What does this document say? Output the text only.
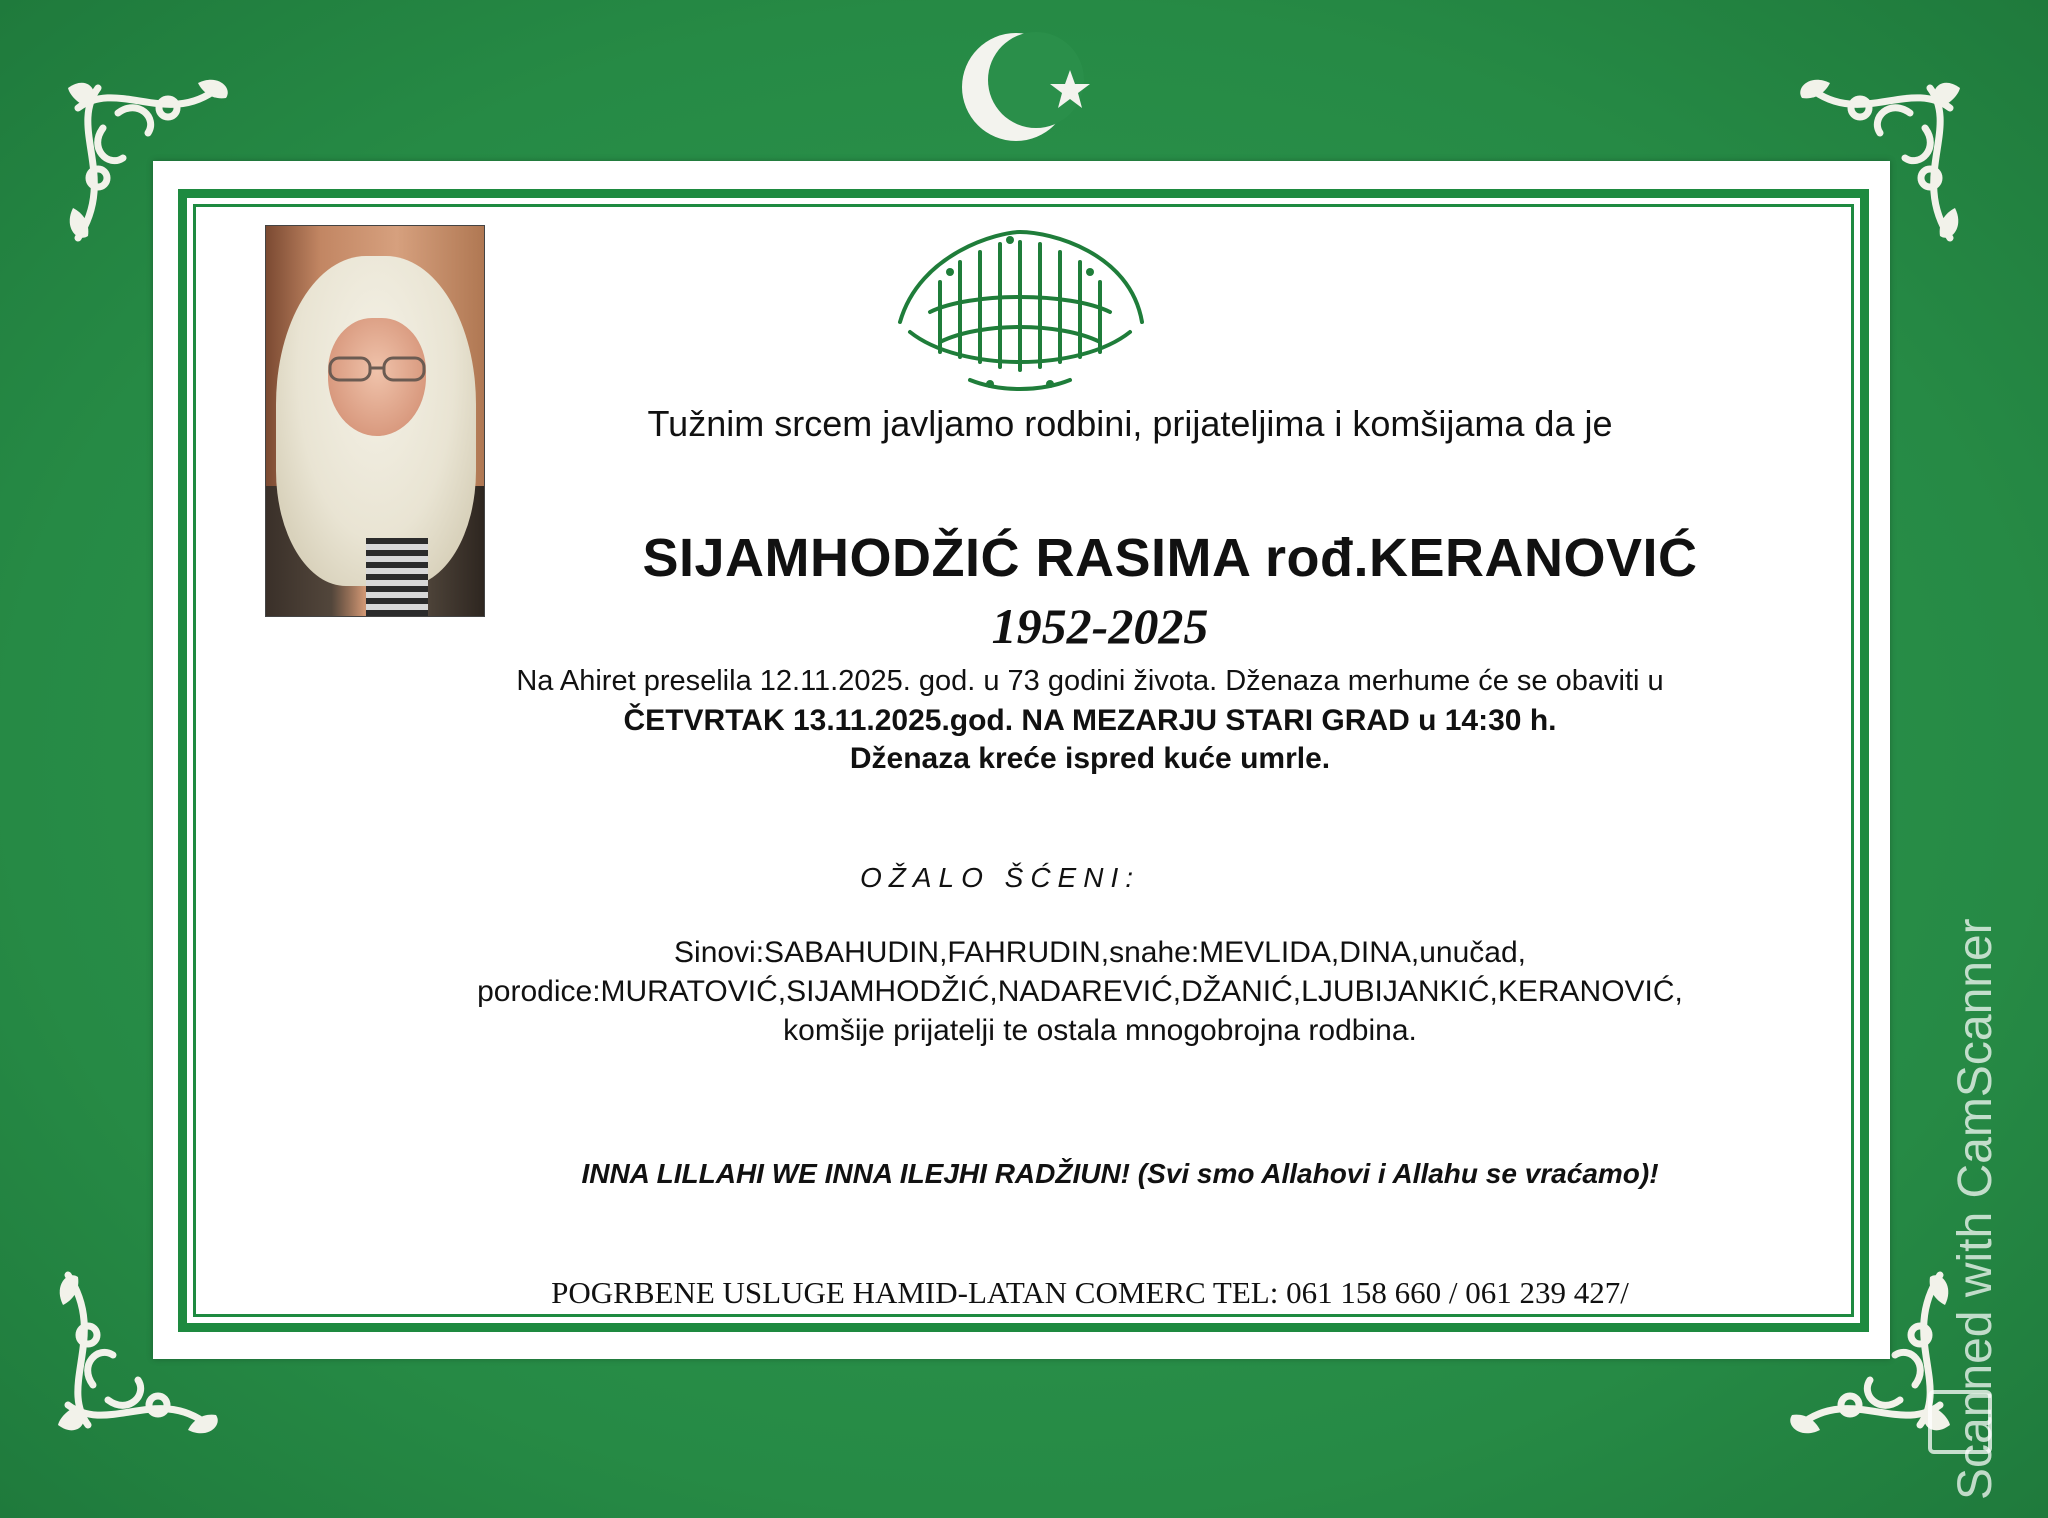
Tužnim srcem javljamo rodbini, prijateljima i komšijama da je
SIJAMHODŽIĆ RASIMA rođ.KERANOVIĆ
1952-2025
Na Ahiret preselila 12.11.2025. god. u 73 godini života. Dženaza merhume će se obaviti u
ČETVRTAK 13.11.2025.god. NA MEZARJU STARI GRAD u 14:30 h.
Dženaza kreće ispred kuće umrle.
OŽALO ŠĆENI:
Sinovi:SABAHUDIN,FAHRUDIN,snahe:MEVLIDA,DINA,unučad,
porodice:MURATOVIĆ,SIJAMHODŽIĆ,NADAREVIĆ,DŽANIĆ,LJUBIJANKIĆ,KERANOVIĆ,
komšije prijatelji te ostala mnogobrojna rodbina.
INNA LILLAHI WE INNA ILEJHI RADŽIUN! (Svi smo Allahovi i Allahu se vraćamo)!
POGRBENE USLUGE HAMID-LATAN COMERC TEL: 061 158 660 / 061 239 427/	Scanned with CamScanner
